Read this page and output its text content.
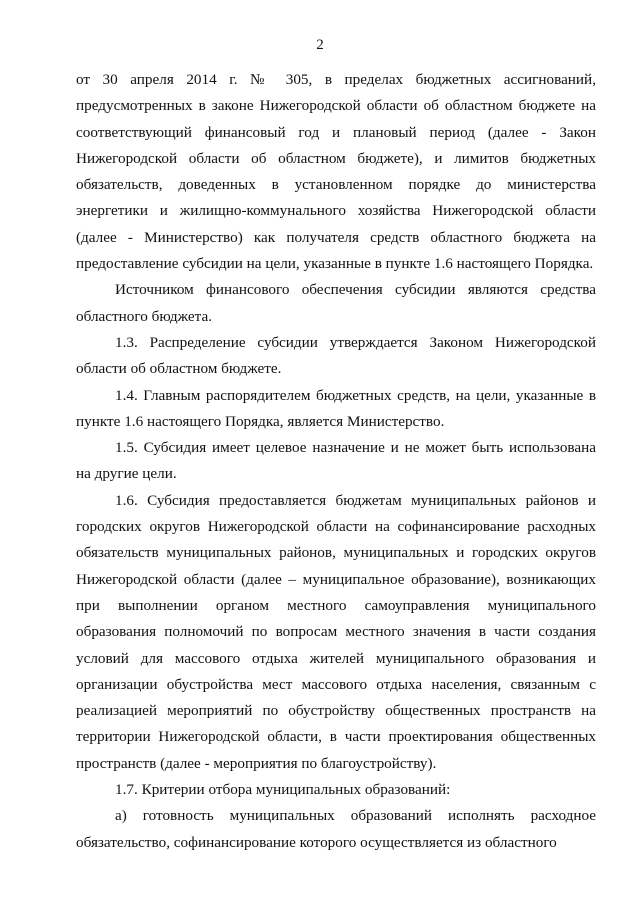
2

от 30 апреля 2014 г. № 305, в пределах бюджетных ассигнований, предусмотренных в законе Нижегородской области об областном бюджете на соответствующий финансовый год и плановый период (далее - Закон Нижегородской области об областном бюджете), и лимитов бюджетных обязательств, доведенных в установленном порядке до министерства энергетики и жилищно-коммунального хозяйства Нижегородской области (далее - Министерство) как получателя средств областного бюджета на предоставление субсидии на цели, указанные в пункте 1.6 настоящего Порядка.

Источником финансового обеспечения субсидии являются средства областного бюджета.

1.3. Распределение субсидии утверждается Законом Нижегородской области об областном бюджете.

1.4. Главным распорядителем бюджетных средств, на цели, указанные в пункте 1.6 настоящего Порядка, является Министерство.

1.5. Субсидия имеет целевое назначение и не может быть использована на другие цели.

1.6. Субсидия предоставляется бюджетам муниципальных районов и городских округов Нижегородской области на софинансирование расходных обязательств муниципальных районов, муниципальных и городских округов Нижегородской области (далее – муниципальное образование), возникающих при выполнении органом местного самоуправления муниципального образования полномочий по вопросам местного значения в части создания условий для массового отдыха жителей муниципального образования и организации обустройства мест массового отдыха населения, связанным с реализацией мероприятий по обустройству общественных пространств на территории Нижегородской области, в части проектирования общественных пространств (далее - мероприятия по благоустройству).

1.7. Критерии отбора муниципальных образований:

а) готовность муниципальных образований исполнять расходное обязательство, софинансирование которого осуществляется из областного
